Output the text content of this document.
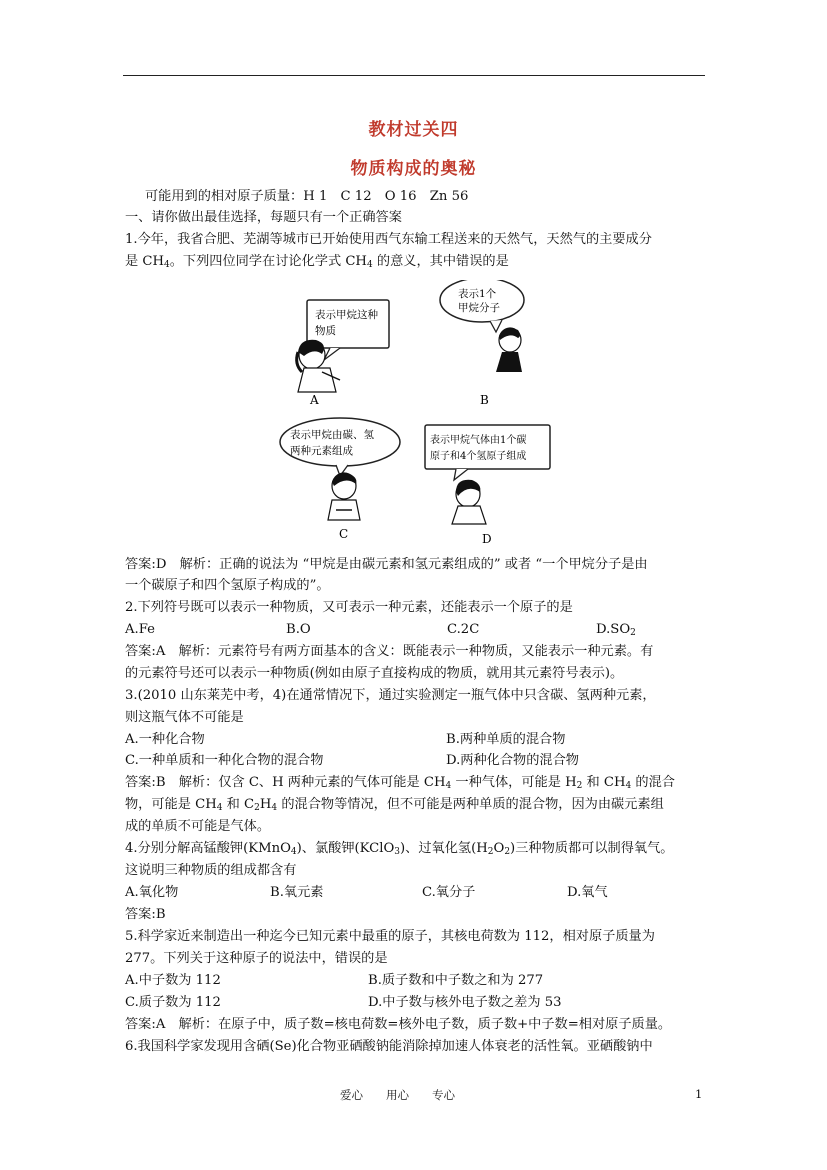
教材过关四
物质构成的奥秘
可能用到的相对原子质量：H 1　C 12　O 16　Zn 56
一、请你做出最佳选择，每题只有一个正确答案
1.今年，我省合肥、芜湖等城市已开始使用西气东输工程送来的天然气，天然气的主要成分
是 $CH_4$。下列四位同学在讨论化学式 $CH_4$ 的意义，其中错误的是
表示甲烷这种
物质
A
表示1个
甲烷分子
B
表示甲烷由碳、氢
两种元素组成
C
表示甲烷气体由1个碳
原子和4个氢原子组成
D
答案:D　解析：正确的说法为 “甲烷是由碳元素和氢元素组成的” 或者 “一个甲烷分子是由
一个碳原子和四个氢原子构成的”。
2.下列符号既可以表示一种物质，又可表示一种元素，还能表示一个原子的是
A.Fe	B.O	C.2C	$D.SO_2$
答案:A　解析：元素符号有两方面基本的含义：既能表示一种物质，又能表示一种元素。有
的元素符号还可以表示一种物质(例如由原子直接构成的物质，就用其元素符号表示)。
3.(2010 山东莱芜中考，4)在通常情况下，通过实验测定一瓶气体中只含碳、氢两种元素，
则这瓶气体不可能是
A.一种化合物	B.两种单质的混合物
C.一种单质和一种化合物的混合物	D.两种化合物的混合物
答案:B　解析：仅含 C、H 两种元素的气体可能是 $CH_4$ 一种气体，可能是 $H_2$ 和 $CH_4$ 的混合
物，可能是 $CH_4$ 和 $C_2H_4$ 的混合物等情况，但不可能是两种单质的混合物，因为由碳元素组
成的单质不可能是气体。
4.分别分解高锰酸钾(KMnO$_4$)、氯酸钾(KClO$_3$)、过氧化氢$(H_2O_2)$三种物质都可以制得氧气。
这说明三种物质的组成都含有
A.氧化物	B.氧元素	C.氧分子	D.氧气
答案:B
5.科学家近来制造出一种迄今已知元素中最重的原子，其核电荷数为 112，相对原子质量为
277。下列关于这种原子的说法中，错误的是
A.中子数为 112	B.质子数和中子数之和为 277
C.质子数为 112	D.中子数与核外电子数之差为 53
答案:A　解析：在原子中，质子数=核电荷数=核外电子数，质子数+中子数=相对原子质量。
6.我国科学家发现用含硒(Se)化合物亚硒酸钠能消除掉加速人体衰老的活性氧。亚硒酸钠中
爱心　　用心　　专心	1
